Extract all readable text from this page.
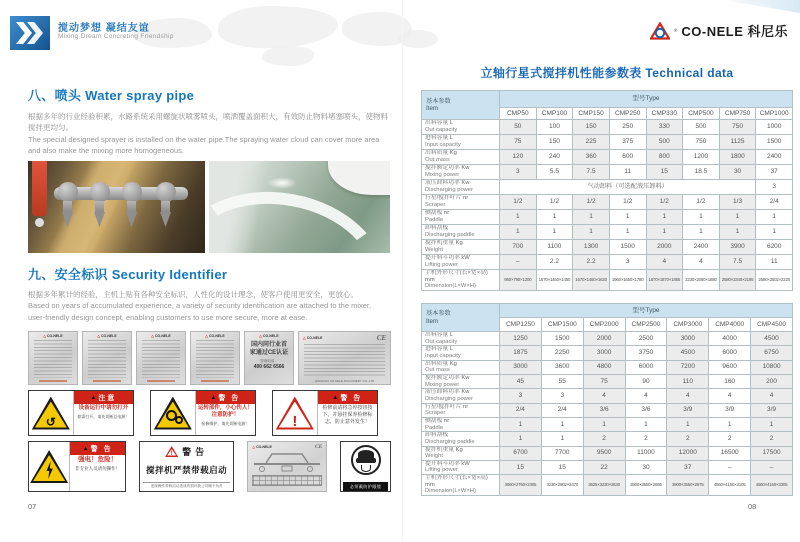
搅动梦想 凝结友谊
Mixing Dream Concreting Friendship
® CO-NELE 科尼乐
八、喷头 Water spray pipe
根据多年的行业经验积累，水路系统采用螺旋状喷雾喷头，喷洒覆盖面积大，有效防止物料堵塞喷头，使物料搅拌更均匀。
The special designed sprayer is installed on the water pipe.The spraying water cloud can cover more area and also make the mixing more homogeneous.
九、安全标识 Security Identifier
根据多年累计的经验，主机上贴有各种安全标识，人性化的设计理念，使客户使用更安全，更放心。
Based on years of accumulated experience, a variety of security identification are attached to the mixer, user-friendly design concept, enabling customers to use more secure, more at ease.
△ CO-NELE	△ CO-NELE	△ CO-NELE	△ CO-NELE	△ CO-NELE
国内同行业首
家通过CE认证
咨询电话：
400 662 6566
△ CO-NELE	CE
QINGDAO CO-NELE MACHINERY CO.,LTD
↺
▲ 注意
设备运行中请勿打开
如需打开，请先切断总电源！
▲ 警 告
运转部件，小心伤人！
注意防护！
检修维护，请先切断电源！	!
▲ 警 告
检修前请将急停按钮按下，并悬挂保养检修标志，防止意外发生！
▲ 警 告
强电！危险！
非专业人员请勿操作！
!	警告
搅拌机严禁带载启动
违规操作带载启动造成的损坏我公司概不负责
△ CO-NELE	CE
必须戴防护眼镜
07
立轴行星式搅拌机性能参数表 Technical data
基本参数
Item	型号Type							
	CMP50	CMP100	CMP150	CMP250	CMP330	CMP500	CMP750	CMP1000
出料容量 L
Out capacity	50	100	150	250	330	500	750	1000
进料容量 L
Input capacity	75	150	225	375	500	750	1125	1500
出料质量 Kg
Out mass	120	240	360	600	800	1200	1800	2400
搅拌额定功率 Kw
Mixing power	3	5.5	7.5	11	15	18.5	30	37
液压卸料功率 Kw
Discharging power	气动卸料（可选配液压卸料）							3
行星/搅拌叶片 nr
Scraper	1/2	1/2	1/2	1/2	1/2	1/2	1/3	2/4
侧刮板 nr
Paddle	1	1	1	1	1	1	1	1
卸料刮板
Discharging paddle	1	1	1	1	1	1	1	1
搅拌机重量 Kg
Weight	700	1100	1300	1500	2000	2400	3900	6200
提升料斗功率 kW
Lifting power	–	2.2	2.2	3	4	4	7.5	11
主机外形尺寸(长×宽×高) mm
Dimension(L×W×H)	950×790×1200	1670×1460×1450	1670×1460×1620	1960×1650×1780	1870×1870×1855	2230×2080×1880	2580×2340×2195	2690×2602×2220
基本参数
Item	型号Type						
	CMP1250	CMP1500	CMP2000	CMP2500	CMP3000	CMP4000	CMP4500
出料容量 L
Out capacity	1250	1500	2000	2500	3000	4000	4500
进料容量 L
Input capacity	1875	2250	3000	3750	4500	6000	6750
出料质量 Kg
Out mass	3000	3600	4800	6000	7200	9600	10800
搅拌额定功率 Kw
Mixing power	45	55	75	90	110	160	200
液压卸料功率 Kw
Discharging power	3	3	4	4	4	4	4
行星/搅拌叶片 nr
Scraper	2/4	2/4	3/6	3/6	3/9	3/9	3/9
侧刮板 nr
Paddle	1	1	1	1	1	1	1
卸料刮板
Discharging paddle	1	1	2	2	2	2	2
搅拌机重量 Kg
Weight	6700	7700	9500	11000	12000	16500	17500
提升料斗功率 kW
Lifting power	15	15	22	30	37	–	–
主机外形尺寸(长×宽×高) mm
Dimension(L×W×H)	3060×2760×2305	3230×2902×2470	3625×3230×2630	3900×3550×2695	3900×3550×2975	4560×4150×3105	4560×4150×3305
08
